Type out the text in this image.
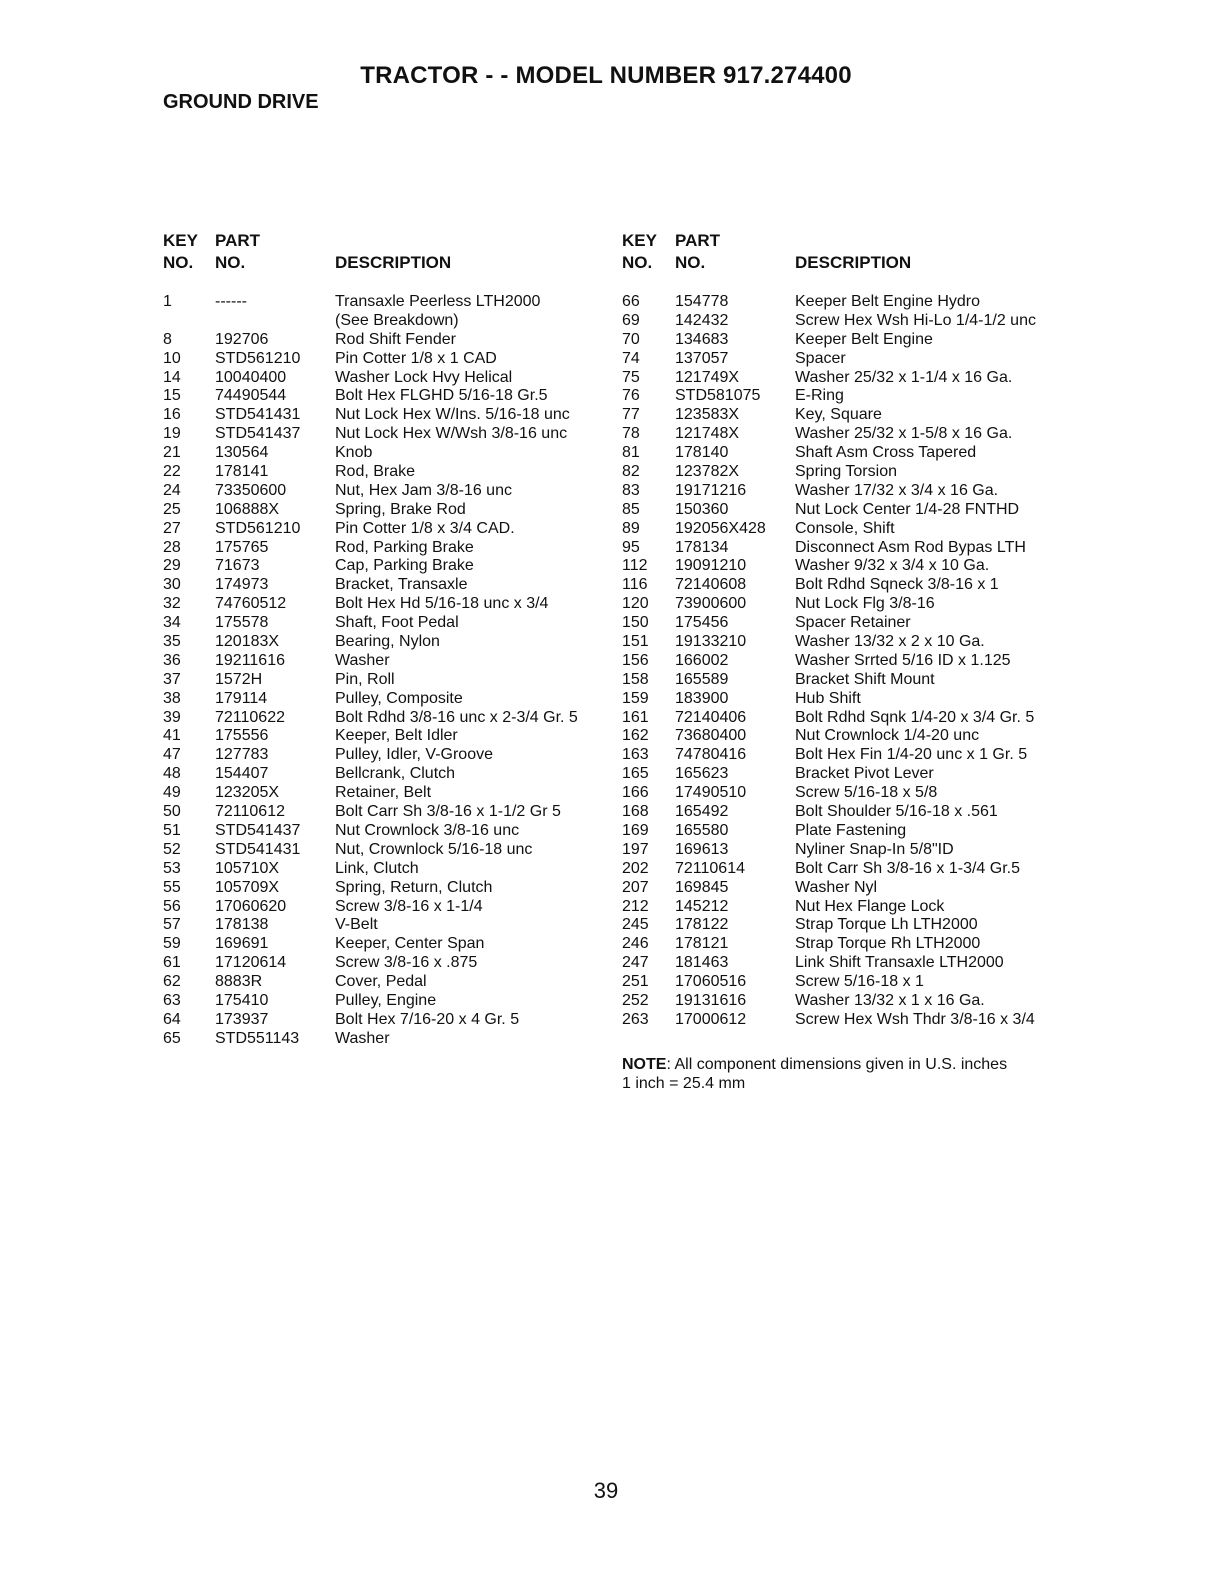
TRACTOR - - MODEL NUMBER 917.274400
GROUND DRIVE
KEY
NO.
PART
NO.	DESCRIPTION
1	------	Transaxle Peerless LTH2000
(See Breakdown)
8	192706	Rod Shift Fender
10 STD561210 Pin Cotter 1/8 x 1 CAD
14 10040400	Washer Lock Hvy Helical
15 74490544	Bolt Hex FLGHD 5/16-18 Gr.5
16 STD541431 Nut Lock Hex W/Ins. 5/16-18 unc
19 STD541437 Nut Lock Hex W/Wsh 3/8-16 unc
21 130564	Knob
22 178141	Rod, Brake
24 73350600	Nut, Hex Jam 3/8-16 unc
25 106888X	Spring, Brake Rod
27 STD561210 Pin Cotter 1/8 x 3/4 CAD.
28 175765	Rod, Parking Brake
29 71673	Cap, Parking Brake
30 174973	Bracket, Transaxle
32 74760512	Bolt Hex Hd 5/16-18 unc x 3/4
34 175578	Shaft, Foot Pedal
35 120183X	Bearing, Nylon
36 19211616	Washer
37 1572H	Pin, Roll
38 179114	Pulley, Composite
39 72110622	Bolt Rdhd 3/8-16 unc x 2-3/4 Gr. 5
41 175556	Keeper, Belt Idler
47 127783	Pulley, Idler, V-Groove
48 154407	Bellcrank, Clutch
49 123205X	Retainer, Belt
50 72110612	Bolt Carr Sh 3/8-16 x 1-1/2 Gr 5
51 STD541437 Nut Crownlock 3/8-16 unc
52 STD541431 Nut, Crownlock 5/16-18 unc
53 105710X	Link, Clutch
55 105709X	Spring, Return, Clutch
56 17060620	Screw 3/8-16 x 1-1/4
57 178138	V-Belt
59 169691	Keeper, Center Span
61 17120614	Screw 3/8-16 x .875
62 8883R	Cover, Pedal
63 175410	Pulley, Engine
64 173937	Bolt Hex 7/16-20 x 4 Gr. 5
65 STD551143 Washer
KEY
NO.
PART
NO.	DESCRIPTION
66 154778	Keeper Belt Engine Hydro
69 142432	Screw Hex Wsh Hi-Lo 1/4-1/2 unc
70 134683	Keeper Belt Engine
74 137057	Spacer
75 121749X	Washer 25/32 x 1-1/4 x 16 Ga.
76 STD581075 E-Ring
77 123583X	Key, Square
78 121748X	Washer 25/32 x 1-5/8 x 16 Ga.
81 178140	Shaft Asm Cross Tapered
82 123782X	Spring Torsion
83 19171216	Washer 17/32 x 3/4 x 16 Ga.
85 150360	Nut Lock Center 1/4-28 FNTHD
89 192056X428 Console, Shift
95 178134	Disconnect Asm Rod Bypas LTH
112 19091210	Washer 9/32 x 3/4 x 10 Ga.
116 72140608	Bolt Rdhd Sqneck 3/8-16 x 1
120 73900600	Nut Lock Flg 3/8-16
150 175456	Spacer Retainer
151 19133210	Washer 13/32 x 2 x 10 Ga.
156 166002	Washer Srrted 5/16 ID x 1.125
158 165589	Bracket Shift Mount
159 183900	Hub Shift
161 72140406	Bolt Rdhd Sqnk 1/4-20 x 3/4 Gr. 5
162 73680400	Nut Crownlock 1/4-20 unc
163 74780416	Bolt Hex Fin 1/4-20 unc x 1 Gr. 5
165 165623	Bracket Pivot Lever
166 17490510	Screw 5/16-18 x 5/8
168 165492	Bolt Shoulder 5/16-18 x .561
169 165580	Plate Fastening
197 169613	Nyliner Snap-In 5/8"ID
202 72110614	Bolt Carr Sh 3/8-16 x 1-3/4 Gr.5
207 169845	Washer Nyl
212 145212	Nut Hex Flange Lock
245 178122	Strap Torque Lh LTH2000
246 178121	Strap Torque Rh LTH2000
247 181463	Link Shift Transaxle LTH2000
251 17060516	Screw 5/16-18 x 1
252 19131616	Washer 13/32 x 1 x 16 Ga.
263 17000612	Screw Hex Wsh Thdr 3/8-16 x 3/4
NOTE: All component dimensions given in U.S. inches
1 inch = 25.4 mm
39
